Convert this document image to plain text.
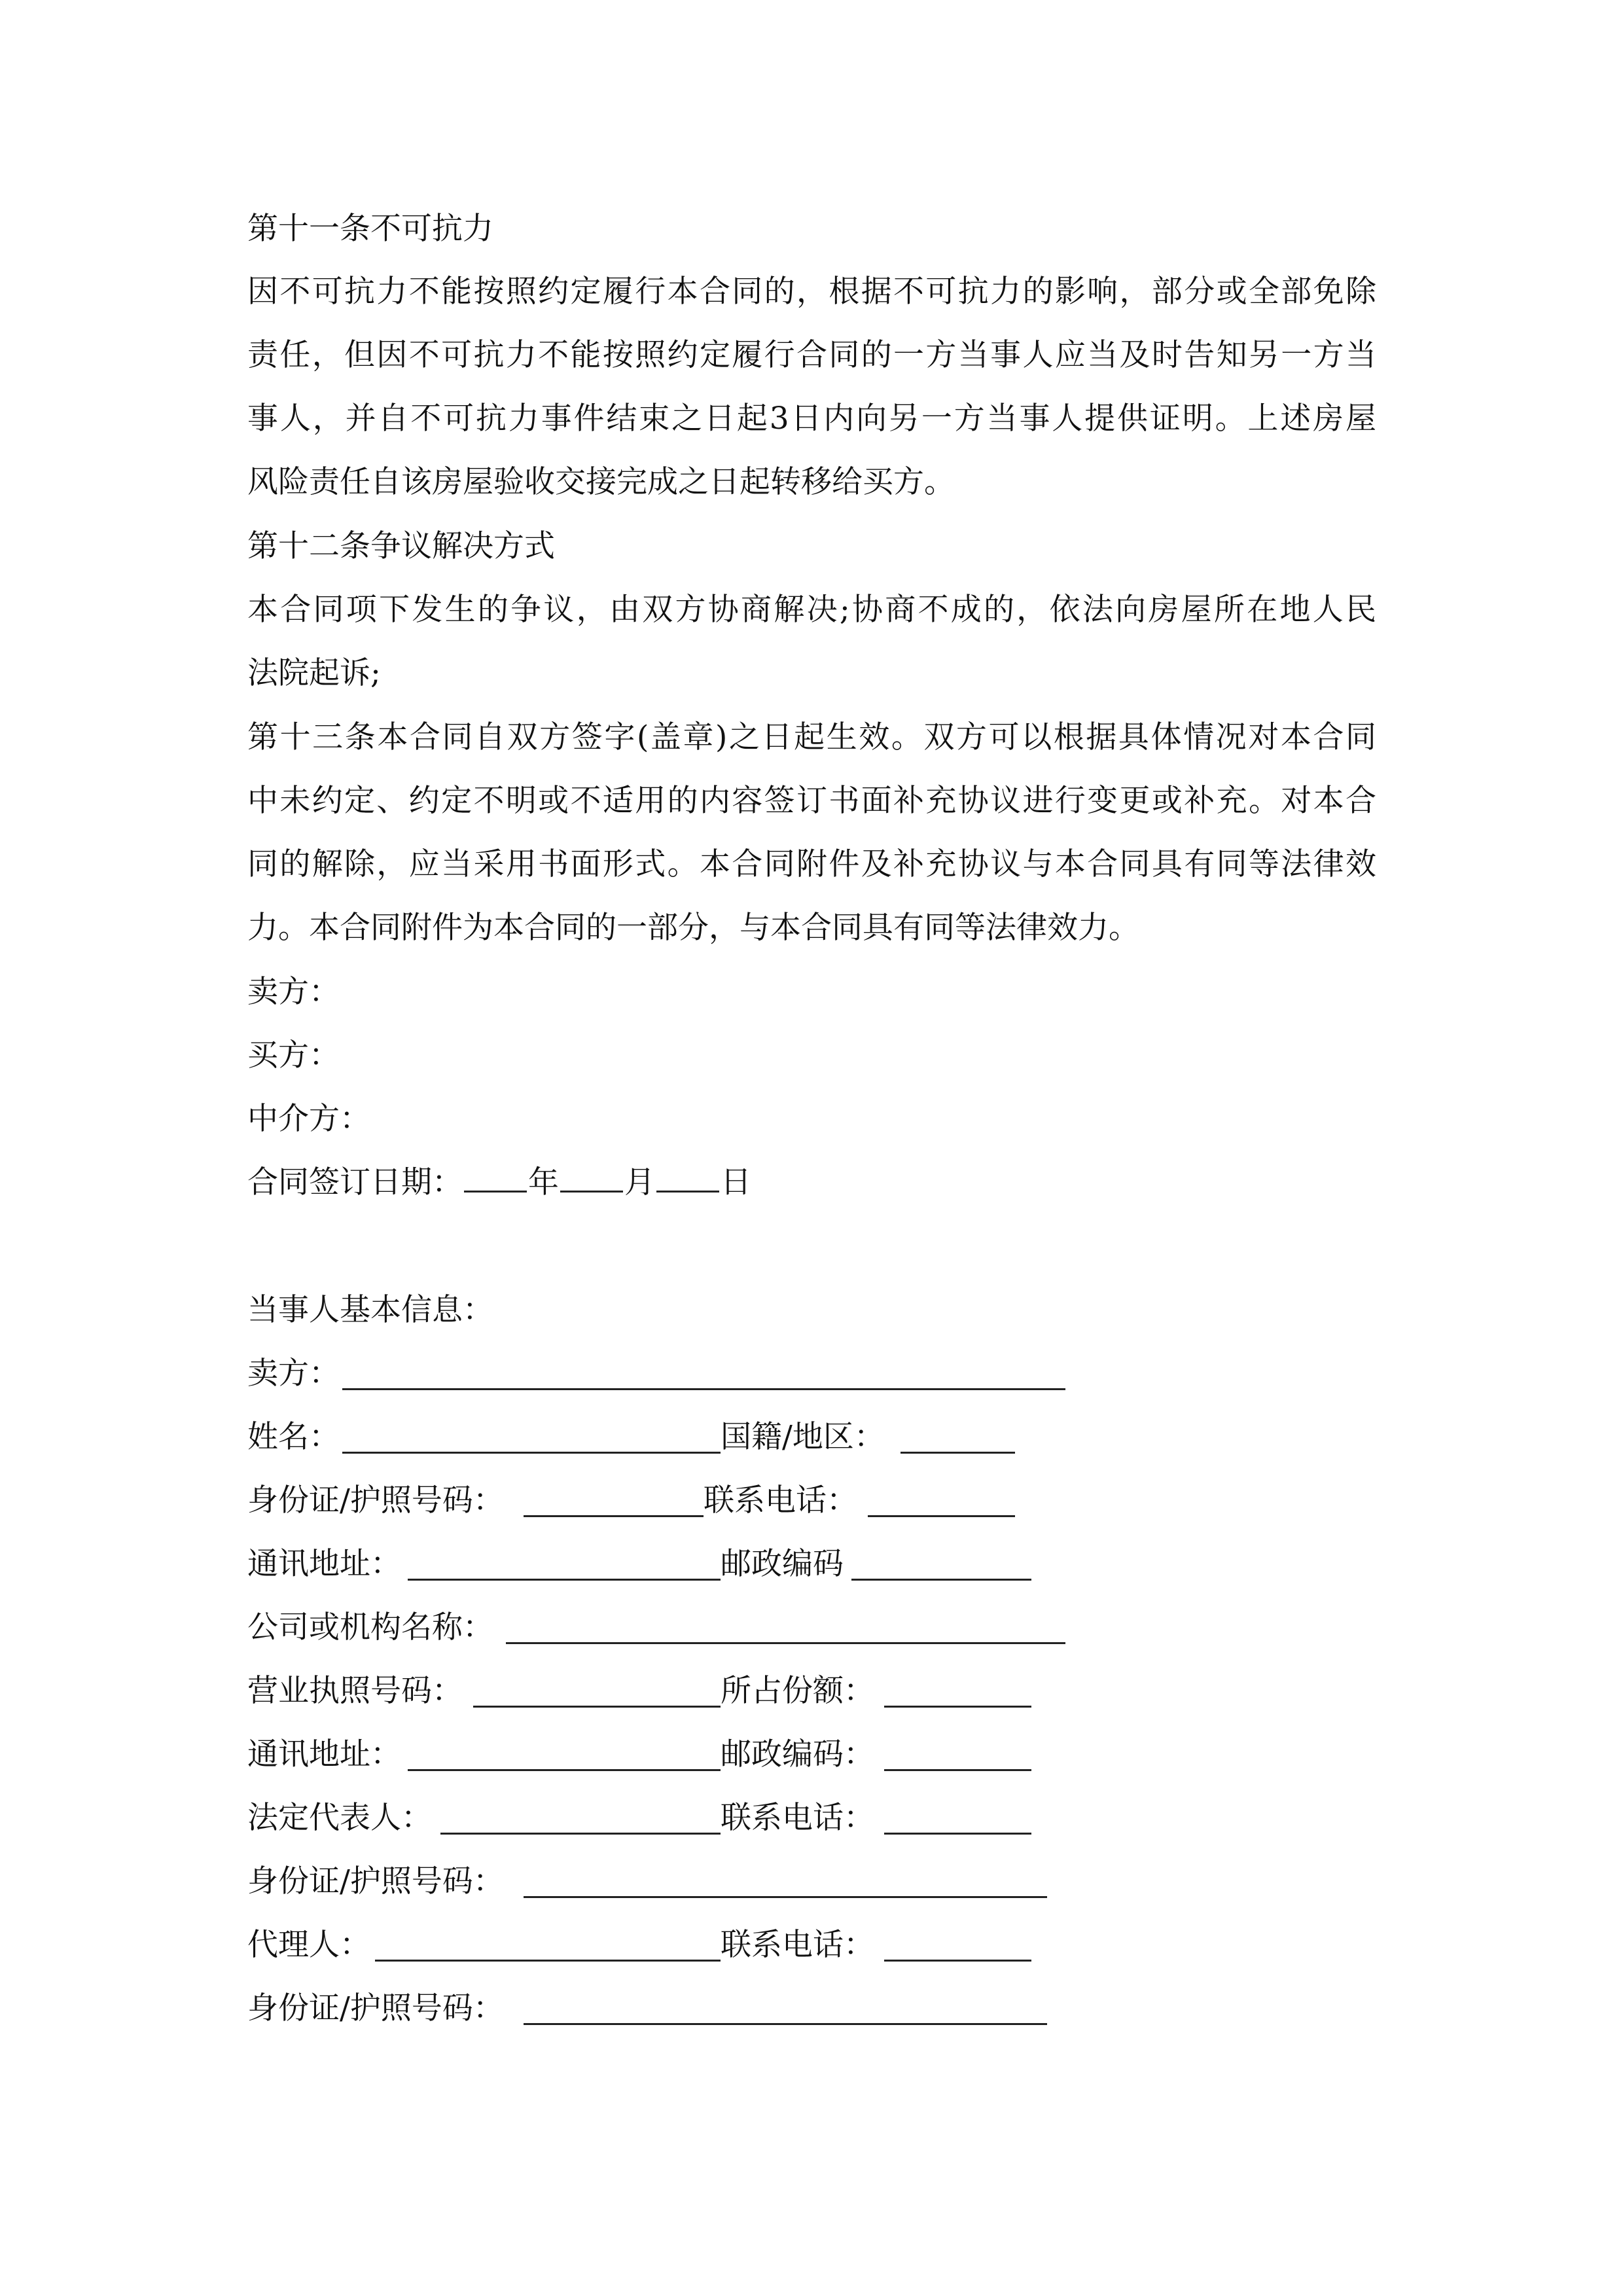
第十一条不可抗力
因不可抗力不能按照约定履行本合同的，根据不可抗力的影响，部分或全部免除
责任，但因不可抗力不能按照约定履行合同的一方当事人应当及时告知另一方当
事人，并自不可抗力事件结束之日起3日内向另一方当事人提供证明。上述房屋
风险责任自该房屋验收交接完成之日起转移给买方。
第十二条争议解决方式
本合同项下发生的争议，由双方协商解决;协商不成的，依法向房屋所在地人民
法院起诉;
第十三条本合同自双方签字(盖章)之日起生效。双方可以根据具体情况对本合同
中未约定、约定不明或不适用的内容签订书面补充协议进行变更或补充。对本合
同的解除，应当采用书面形式。本合同附件及补充协议与本合同具有同等法律效
力。本合同附件为本合同的一部分，与本合同具有同等法律效力。
卖方：
买方：
中介方：
合同签订日期： 年 月 日
当事人基本信息：
卖方：
姓名：	国籍/地区：
身份证/护照号码：	联系电话：
通讯地址：	邮政编码
公司或机构名称：
营业执照号码：	所占份额：
通讯地址：	邮政编码：
法定代表人：	联系电话：
身份证/护照号码：
代理人：	联系电话：
身份证/护照号码：
